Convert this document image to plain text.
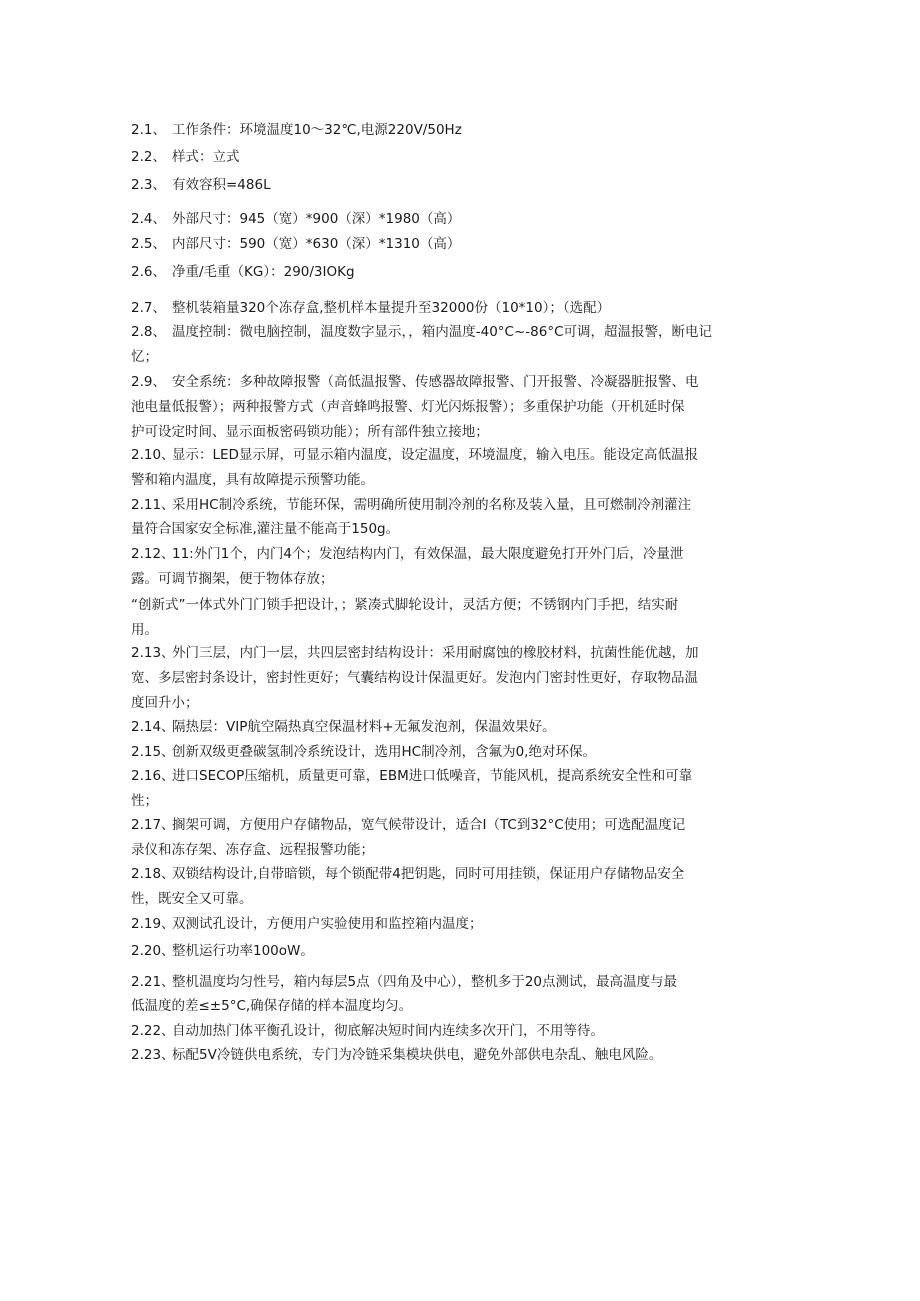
2.1、 工作条件：环境温度10～32℃,电源220V/50Hz
2.2、 样式：立式
2.3、 有效容积=486L
2.4、 外部尺寸：945（宽）*900（深）*1980（高）
2.5、 内部尺寸：590（宽）*630（深）*1310（高）
2.6、 净重/毛重（KG）：290/3IOKg
2.7、 整机装箱量320个冻存盒,整机样本量提升至32000份（10*10）；（选配）
2.8、 温度控制：微电脑控制，温度数字显示，，箱内温度-40°C~-86°C可调，超温报警，断电记
忆；
2.9、 安全系统：多种故障报警（高低温报警、传感器故障报警、门开报警、冷凝器脏报警、电
池电量低报警）；两种报警方式（声音蜂鸣报警、灯光闪烁报警）；多重保护功能（开机延时保
护可设定时间、显示面板密码锁功能）；所有部件独立接地；
2.10、显示：LED显示屏，可显示箱内温度，设定温度，环境温度，输入电压。能设定高低温报
警和箱内温度，具有故障提示预警功能。
2.11、采用HC制冷系统，节能环保，需明确所使用制冷剂的名称及装入量，且可燃制冷剂灌注
量符合国家安全标准,灌注量不能高于150g。
2.12、11:外门1个，内门4个；发泡结构内门，有效保温，最大限度避免打开外门后，冷量泄
露。可调节搁架，便于物体存放；
“创新式”一体式外门门锁手把设计，；紧凑式脚轮设计，灵活方便；不锈钢内门手把，结实耐
用。
2.13、外门三层，内门一层，共四层密封结构设计：采用耐腐蚀的橡胶材料，抗菌性能优越，加
宽、多层密封条设计，密封性更好；气囊结构设计保温更好。发泡内门密封性更好，存取物品温
度回升小；
2.14、隔热层：VIP航空隔热真空保温材料+无氟发泡剂，保温效果好。
2.15、创新双级更叠碳氢制冷系统设计，选用HC制冷剂，含氟为0,绝对环保。
2.16、进口SECOP压缩机，质量更可靠，EBM进口低噪音，节能风机，提高系统安全性和可靠
性；
2.17、搁架可调，方便用户存储物品，宽气候带设计，适合I（TC到32°C使用；可选配温度记
录仪和冻存架、冻存盒、远程报警功能；
2.18、双锁结构设计,自带暗锁，每个锁配带4把钥匙，同时可用挂锁，保证用户存储物品安全
性，既安全又可靠。
2.19、双测试孔设计，方便用户实验使用和监控箱内温度；
2.20、整机运行功率100oW。
2.21、整机温度均匀性号，箱内每层5点（四角及中心），整机多于20点测试，最高温度与最
低温度的差≤±5°C,确保存储的样本温度均匀。
2.22、自动加热门体平衡孔设计，彻底解决短时间内连续多次开门，不用等待。
2.23、标配5V冷链供电系统，专门为冷链采集模块供电，避免外部供电杂乱、触电风险。
